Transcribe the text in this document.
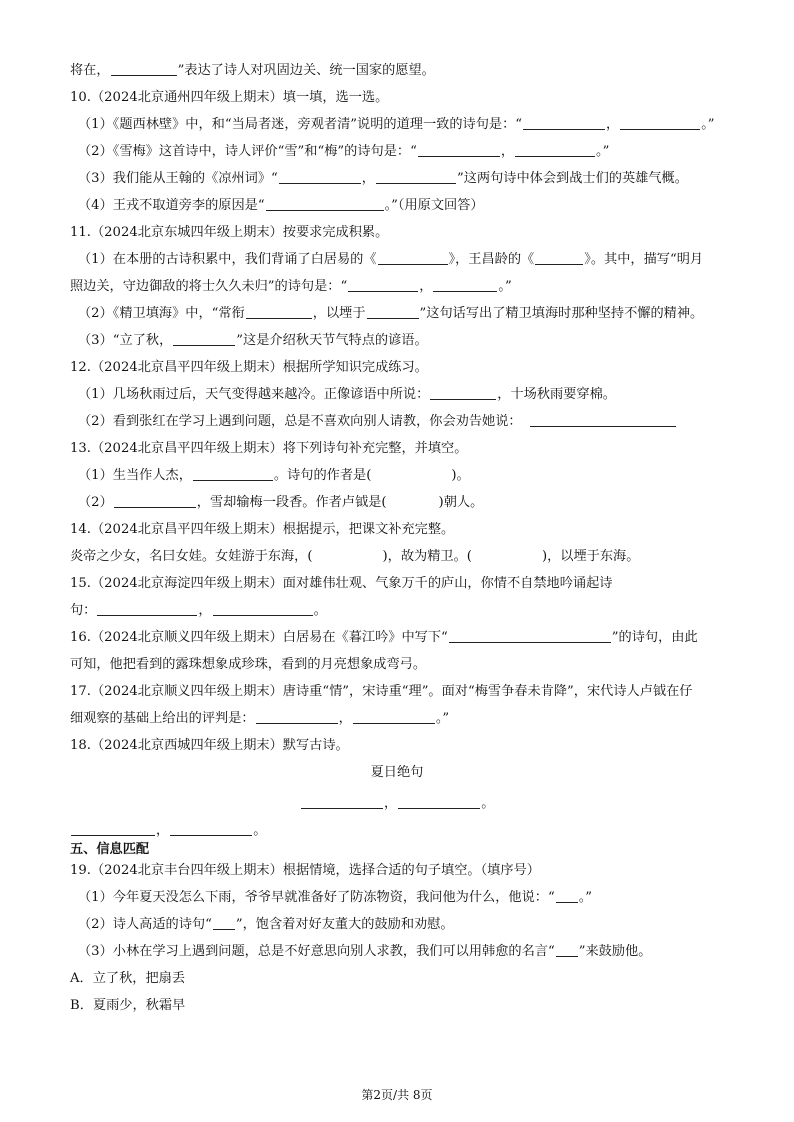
将在，	”表达了诗人对巩固边关、统一国家的愿望。
10.（2024北京通州四年级上期末）填一填，选一选。
（1）《题西林壁》中，和“当局者迷，旁观者清”说明的道理一致的诗句是：“	，	。”
（2）《雪梅》这首诗中，诗人评价“雪”和“梅”的诗句是：“	，	。”
（3）我们能从王翰的《凉州词》“	，	”这两句诗中体会到战士们的英雄气概。
（4）王戎不取道旁李的原因是“	。”（用原文回答）
11.（2024北京东城四年级上期末）按要求完成积累。
（1）在本册的古诗积累中，我们背诵了白居易的《	》，王昌龄的《	》。其中，描写“明月
照边关，守边御敌的将士久久未归”的诗句是：“	，	。”
（2）《精卫填海》中，“常衔	，以堙于	”这句话写出了精卫填海时那种坚持不懈的精神。
（3）“立了秋，	”这是介绍秋天节气特点的谚语。
12.（2024北京昌平四年级上期末）根据所学知识完成练习。
（1）几场秋雨过后，天气变得越来越冷。正像谚语中所说：	，十场秋雨要穿棉。
（2）看到张红在学习上遇到问题，总是不喜欢向别人请教，你会劝告她说：
13.（2024北京昌平四年级上期末）将下列诗句补充完整，并填空。
（1）生当作人杰，	。诗句的作者是(	)。
（2）	，雪却输梅一段香。作者卢钺是(	)朝人。
14.（2024北京昌平四年级上期末）根据提示，把课文补充完整。
炎帝之少女，名曰女娃。女娃游于东海，(	)，故为精卫。(	)，以堙于东海。
15.（2024北京海淀四年级上期末）面对雄伟壮观、气象万千的庐山，你情不自禁地吟诵起诗
句：	，	。
16.（2024北京顺义四年级上期末）白居易在《暮江吟》中写下“	”的诗句，由此
可知，他把看到的露珠想象成珍珠，看到的月亮想象成弯弓。
17.（2024北京顺义四年级上期末）唐诗重“情”，宋诗重“理”。面对“梅雪争春未肯降”，宋代诗人卢钺在仔
细观察的基础上给出的评判是：	，	。”
18.（2024北京西城四年级上期末）默写古诗。
夏日绝句
，	。
，	。
五、信息匹配
19.（2024北京丰台四年级上期末）根据情境，选择合适的句子填空。（填序号）
（1）今年夏天没怎么下雨，爷爷早就准备好了防冻物资，我问他为什么，他说：“ 。”
（2）诗人高适的诗句“ ”，饱含着对好友董大的鼓励和劝慰。
（3）小林在学习上遇到问题，总是不好意思向别人求教，我们可以用韩愈的名言“ ”来鼓励他。
A．立了秋，把扇丢
B．夏雨少，秋霜早
第2页/共 8页
